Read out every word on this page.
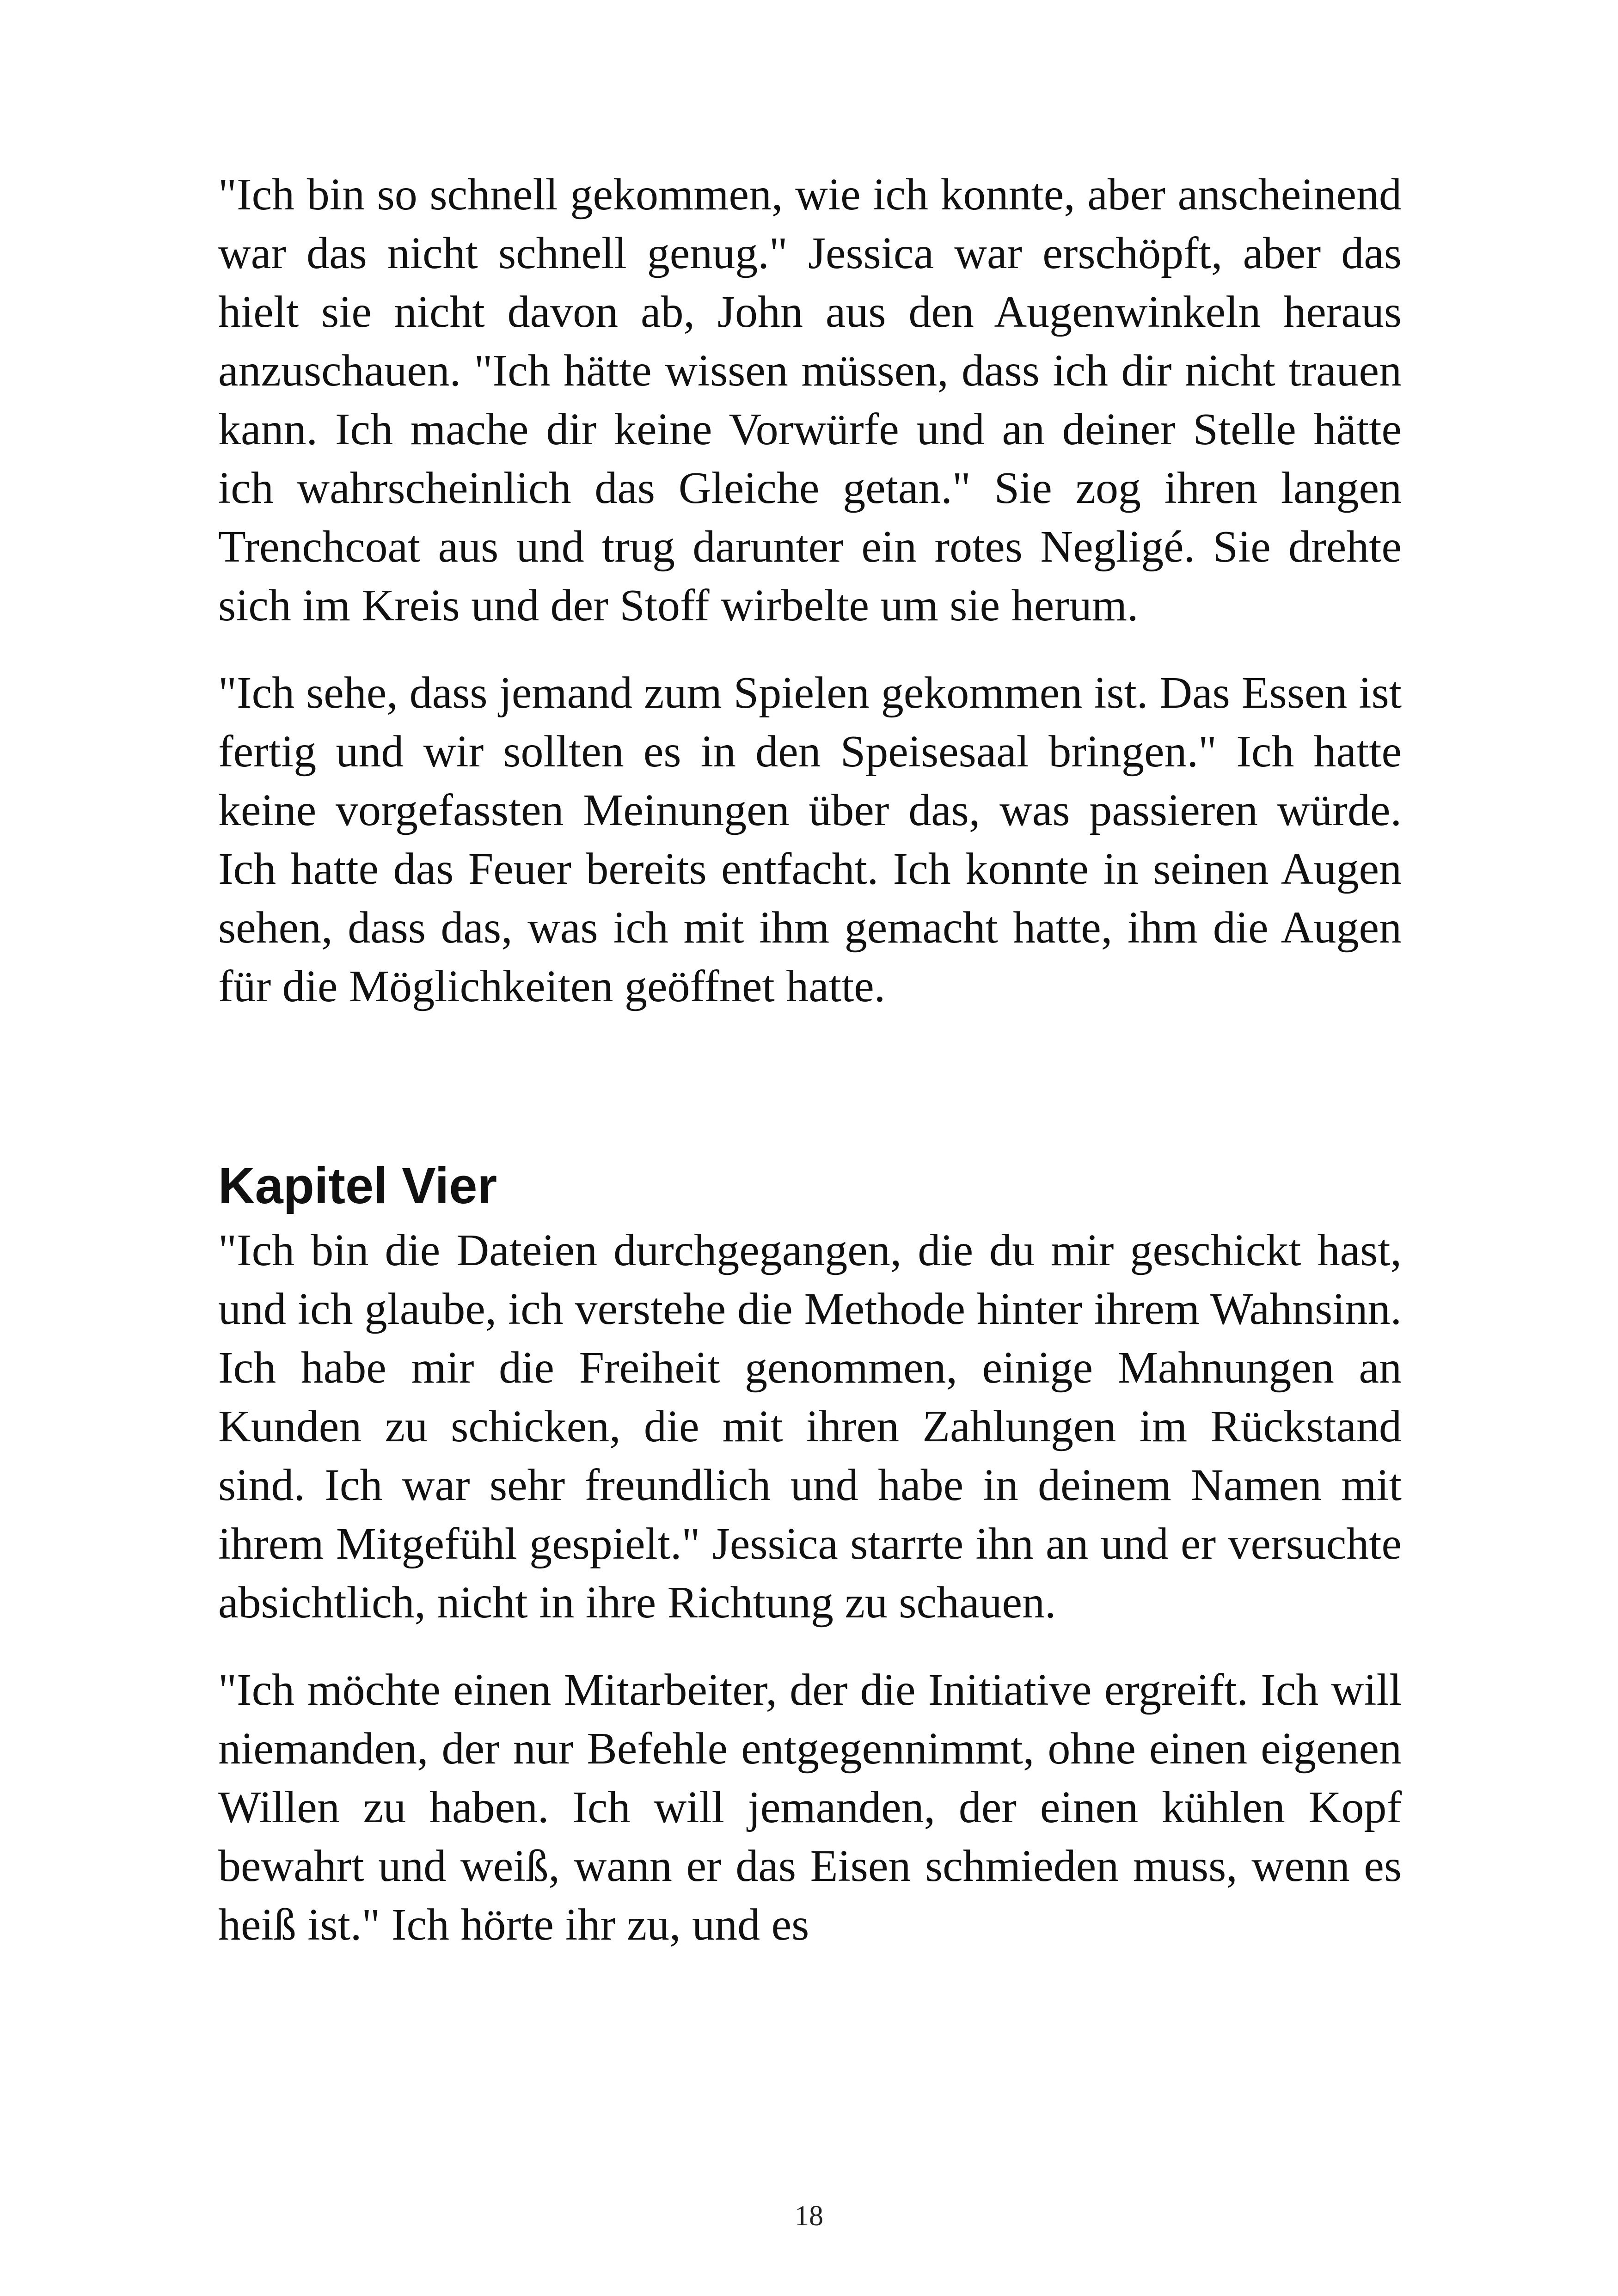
"Ich bin so schnell gekommen, wie ich konnte, aber anscheinend war das nicht schnell genug." Jessica war erschöpft, aber das hielt sie nicht davon ab, John aus den Augenwinkeln heraus anzuschauen. "Ich hätte wissen müssen, dass ich dir nicht trauen kann. Ich mache dir keine Vorwürfe und an deiner Stelle hätte ich wahrscheinlich das Gleiche getan." Sie zog ihren langen Trenchcoat aus und trug darunter ein rotes Negligé. Sie drehte sich im Kreis und der Stoff wirbelte um sie herum.

"Ich sehe, dass jemand zum Spielen gekommen ist. Das Essen ist fertig und wir sollten es in den Speisesaal bringen." Ich hatte keine vorgefassten Meinungen über das, was passieren würde. Ich hatte das Feuer bereits entfacht. Ich konnte in seinen Augen sehen, dass das, was ich mit ihm gemacht hatte, ihm die Augen für die Möglichkeiten geöffnet hatte.

Kapitel Vier

"Ich bin die Dateien durchgegangen, die du mir geschickt hast, und ich glaube, ich verstehe die Methode hinter ihrem Wahnsinn. Ich habe mir die Freiheit genommen, einige Mahnungen an Kunden zu schicken, die mit ihren Zahlungen im Rückstand sind. Ich war sehr freundlich und habe in deinem Namen mit ihrem Mitgefühl gespielt." Jessica starrte ihn an und er versuchte absichtlich, nicht in ihre Richtung zu schauen.

"Ich möchte einen Mitarbeiter, der die Initiative ergreift. Ich will niemanden, der nur Befehle entgegennimmt, ohne einen eigenen Willen zu haben. Ich will jemanden, der einen kühlen Kopf bewahrt und weiß, wann er das Eisen schmieden muss, wenn es heiß ist." Ich hörte ihr zu, und es

18
